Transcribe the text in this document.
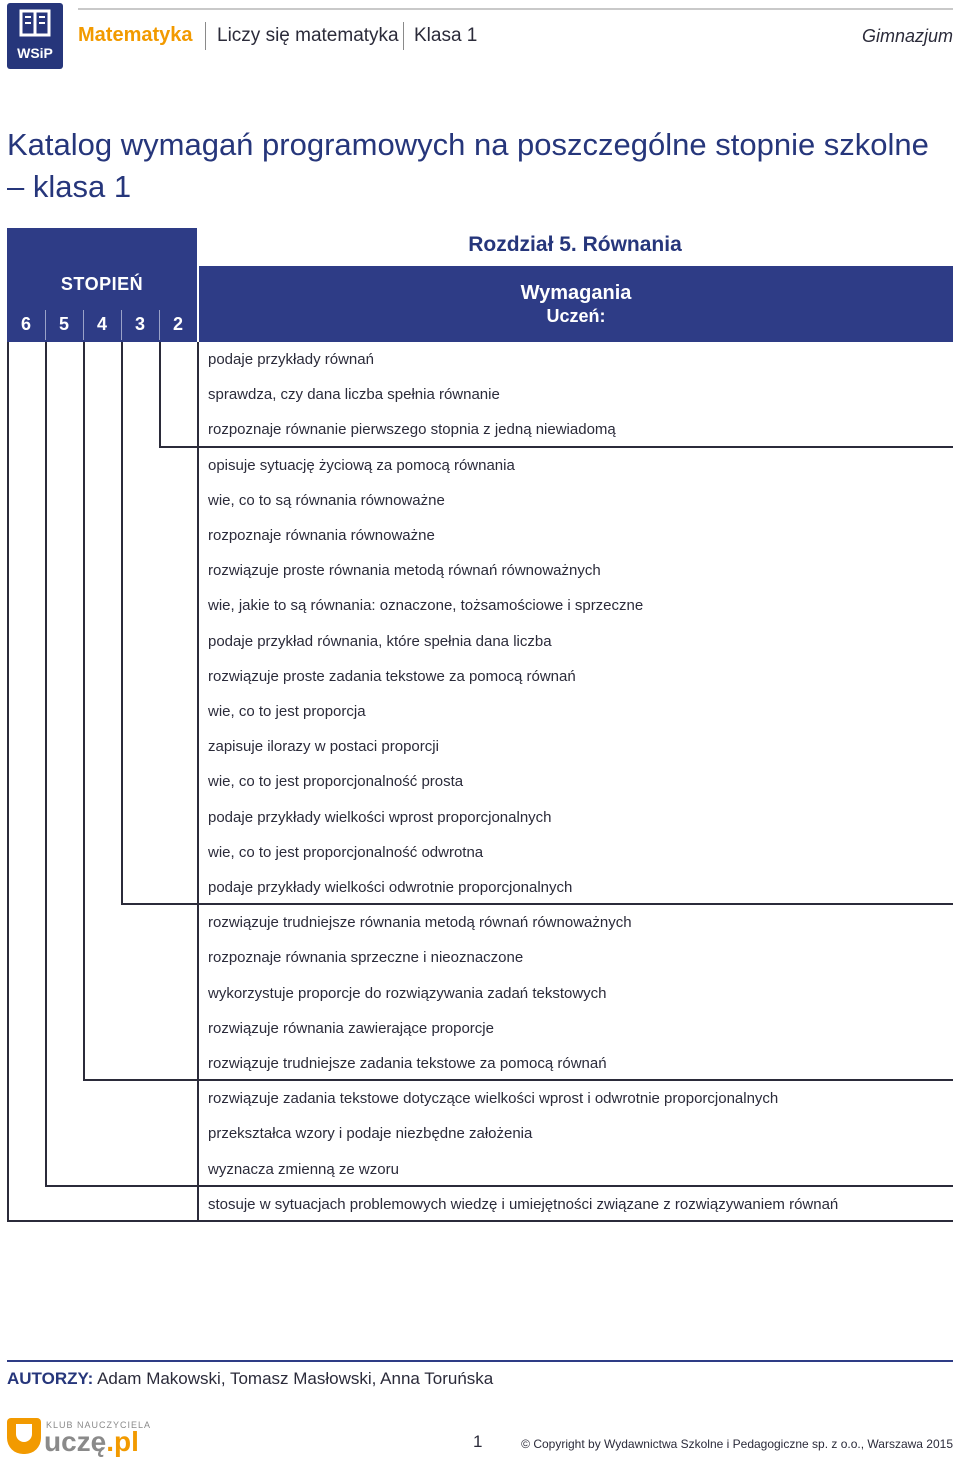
WSiP
Matematyka Liczy się matematyka Klasa 1	Gimnazjum
Katalog wymagań programowych na poszczególne stopnie szkolne – klasa 1
Rozdział 5. Równania
STOPIEŃ
6	5	4	3	2
Wymagania
Uczeń:
podaje przykłady równań
sprawdza, czy dana liczba spełnia równanie
rozpoznaje równanie pierwszego stopnia z jedną niewiadomą
opisuje sytuację życiową za pomocą równania
wie, co to są równania równoważne
rozpoznaje równania równoważne
rozwiązuje proste równania metodą równań równoważnych
wie, jakie to są równania: oznaczone, tożsamościowe i sprzeczne
podaje przykład równania, które spełnia dana liczba
rozwiązuje proste zadania tekstowe za pomocą równań
wie, co to jest proporcja
zapisuje ilorazy w postaci proporcji
wie, co to jest proporcjonalność prosta
podaje przykłady wielkości wprost proporcjonalnych
wie, co to jest proporcjonalność odwrotna
podaje przykłady wielkości odwrotnie proporcjonalnych
rozwiązuje trudniejsze równania metodą równań równoważnych
rozpoznaje równania sprzeczne i nieoznaczone
wykorzystuje proporcje do rozwiązywania zadań tekstowych
rozwiązuje równania zawierające proporcje
rozwiązuje trudniejsze zadania tekstowe za pomocą równań
rozwiązuje zadania tekstowe dotyczące wielkości wprost i odwrotnie proporcjonalnych
przekształca wzory i podaje niezbędne założenia
wyznacza zmienną ze wzoru
stosuje w sytuacjach problemowych wiedzę i umiejętności związane z rozwiązywaniem równań
AUTORZY: Adam Makowski, Tomasz Masłowski, Anna Toruńska
KLUB NAUCZYCIELA
uczę.pl	1	© Copyright by Wydawnictwa Szkolne i Pedagogiczne sp. z o.o., Warszawa 2015
